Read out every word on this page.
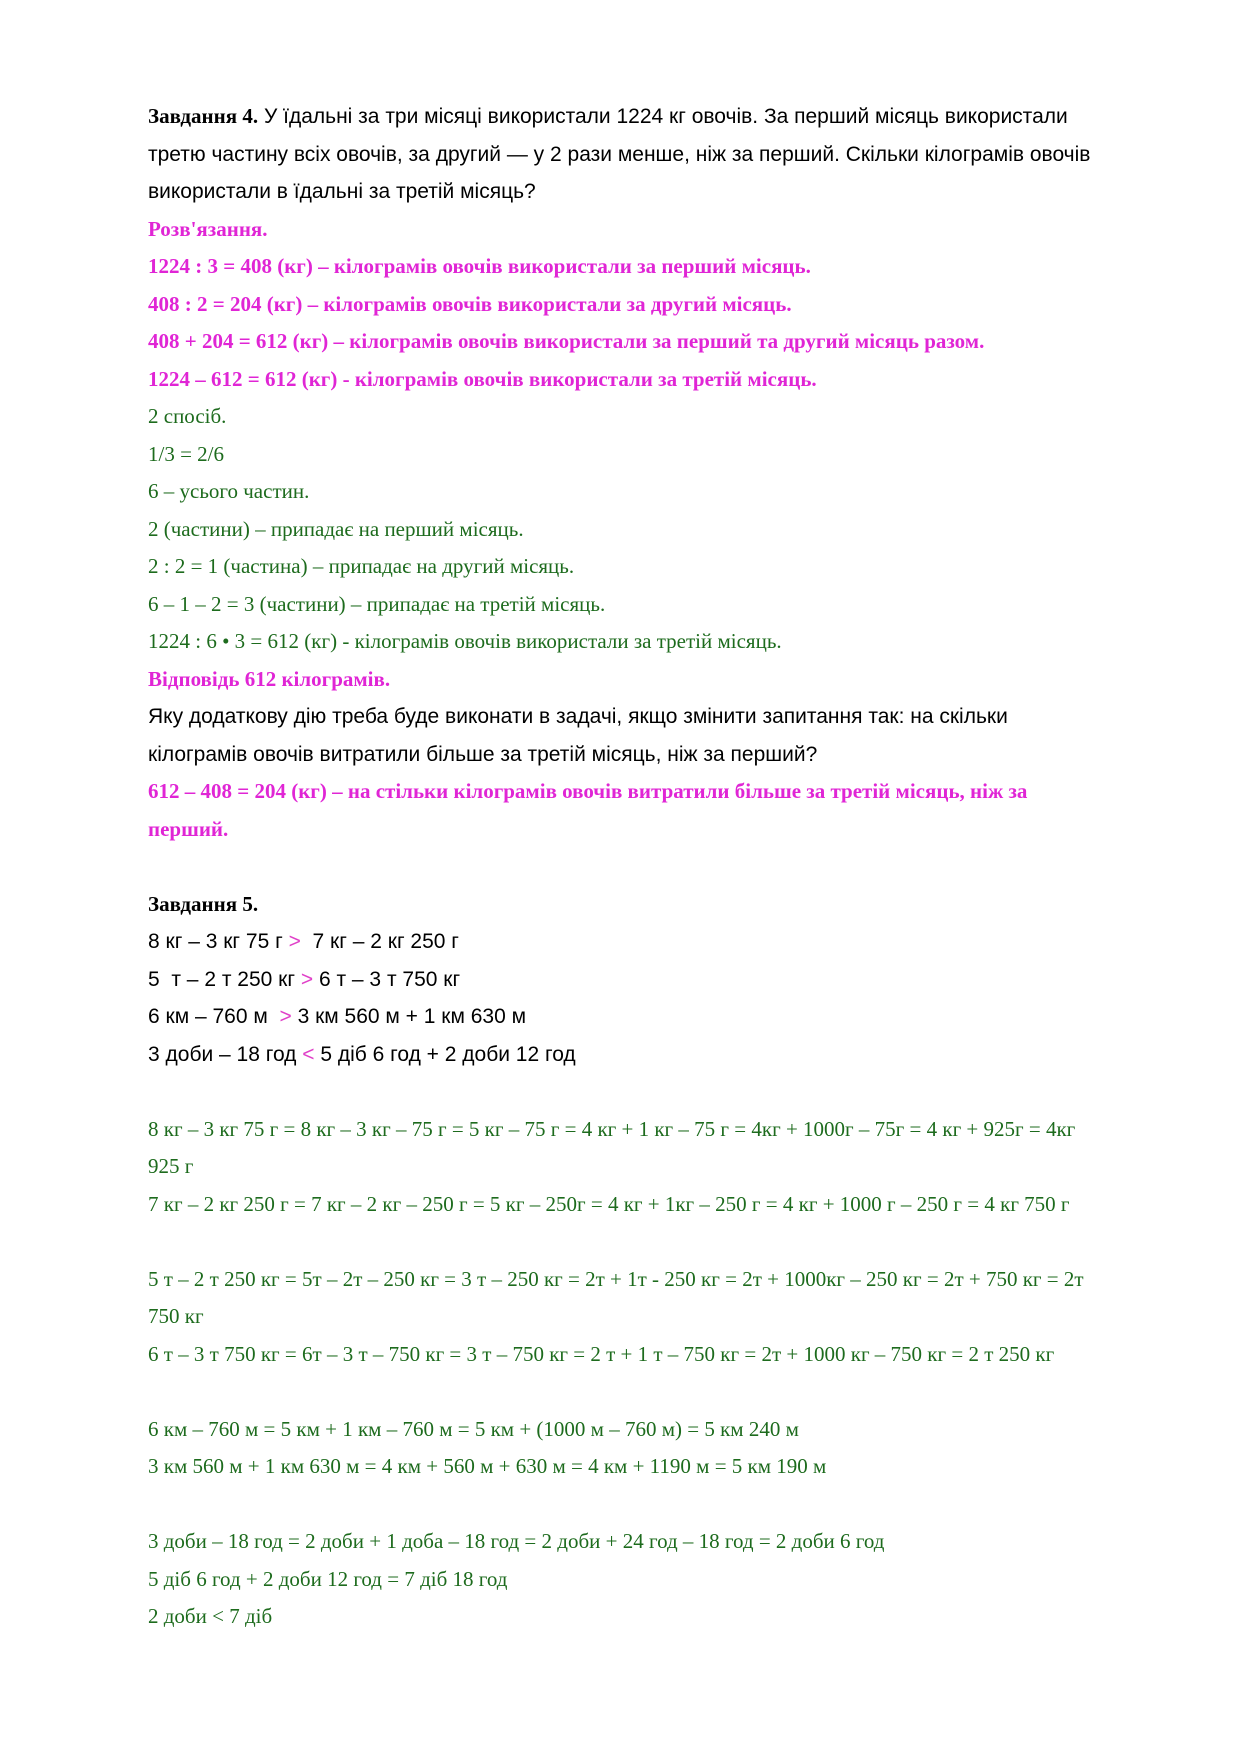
Завдання 4. У їдальні за три місяці використали 1224 кг овочів. За перший місяць використали
третю частину всіх овочів, за другий — у 2 рази менше, ніж за перший. Скільки кілограмів овочів
використали в їдальні за третій місяць?
Розв'язання.
1224 : 3 = 408 (кг) – кілограмів овочів використали за перший місяць.
408 : 2 = 204 (кг) – кілограмів овочів використали за другий місяць.
408 + 204 = 612 (кг) – кілограмів овочів використали за перший та другий місяць разом.
1224 – 612 = 612 (кг) - кілограмів овочів використали за третій місяць.
2 спосіб.
1/3 = 2/6
6 – усього частин.
2 (частини) – припадає на перший місяць.
2 : 2 = 1 (частина) – припадає на другий місяць.
6 – 1 – 2 = 3 (частини) – припадає на третій місяць.
1224 : 6 • 3 = 612 (кг) - кілограмів овочів використали за третій місяць.
Відповідь 612 кілограмів.
Яку додаткову дію треба буде виконати в задачі, якщо змінити запитання так: на скільки
кілограмів овочів витратили більше за третій місяць, ніж за перший?
612 – 408 = 204 (кг) – на стільки кілограмів овочів витратили більше за третій місяць, ніж за
перший.
Завдання 5.
8 кг – 3 кг 75 г >  7 кг – 2 кг 250 г
5  т – 2 т 250 кг > 6 т – 3 т 750 кг
6 км – 760 м  > 3 км 560 м + 1 км 630 м
3 доби – 18 год < 5 діб 6 год + 2 доби 12 год
8 кг – 3 кг 75 г = 8 кг – 3 кг – 75 г = 5 кг – 75 г = 4 кг + 1 кг – 75 г = 4кг + 1000г – 75г = 4 кг + 925г = 4кг
925 г
7 кг – 2 кг 250 г = 7 кг – 2 кг – 250 г = 5 кг – 250г = 4 кг + 1кг – 250 г = 4 кг + 1000 г – 250 г = 4 кг 750 г
5 т – 2 т 250 кг = 5т – 2т – 250 кг = 3 т – 250 кг = 2т + 1т - 250 кг = 2т + 1000кг – 250 кг = 2т + 750 кг = 2т
750 кг
6 т – 3 т 750 кг = 6т – 3 т – 750 кг = 3 т – 750 кг = 2 т + 1 т – 750 кг = 2т + 1000 кг – 750 кг = 2 т 250 кг
6 км – 760 м = 5 км + 1 км – 760 м = 5 км + (1000 м – 760 м) = 5 км 240 м
3 км 560 м + 1 км 630 м = 4 км + 560 м + 630 м = 4 км + 1190 м = 5 км 190 м
3 доби – 18 год = 2 доби + 1 доба – 18 год = 2 доби + 24 год – 18 год = 2 доби 6 год
5 діб 6 год + 2 доби 12 год = 7 діб 18 год
2 доби < 7 діб
